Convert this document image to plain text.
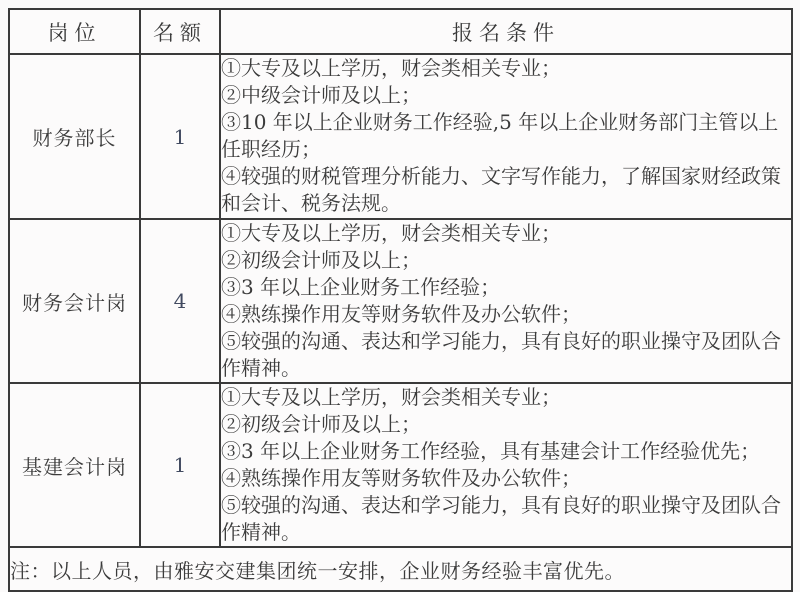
岗位	名额	报名条件
财务部长	1	①大专及以上学历，财会类相关专业；
②中级会计师及以上；
③10 年以上企业财务工作经验,5 年以上企业财务部门主管以上任职经历；
④较强的财税管理分析能力、文字写作能力，了解国家财经政策和会计、税务法规。

财务会计岗	4	①大专及以上学历，财会类相关专业；
②初级会计师及以上；
③3 年以上企业财务工作经验；
④熟练操作用友等财务软件及办公软件；
⑤较强的沟通、表达和学习能力，具有良好的职业操守及团队合作精神。

基建会计岗	1	①大专及以上学历，财会类相关专业；
②初级会计师及以上；
③3 年以上企业财务工作经验，具有基建会计工作经验优先；
④熟练操作用友等财务软件及办公软件；
⑤较强的沟通、表达和学习能力，具有良好的职业操守及团队合作精神。

注：以上人员，由雅安交建集团统一安排，企业财务经验丰富优先。		
